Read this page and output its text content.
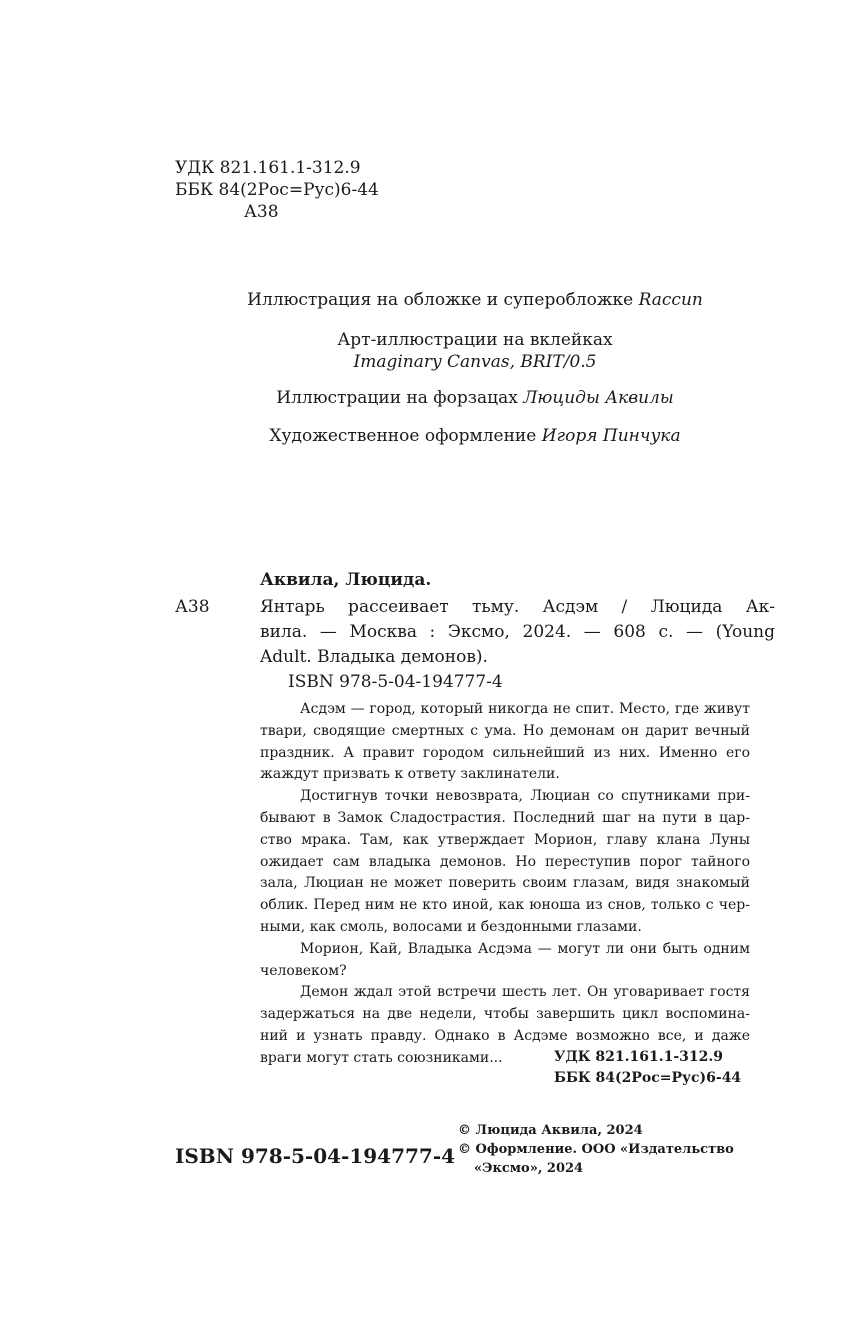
УДК 821.161.1-312.9
ББК 84(2Рос=Рус)6-44
А38
Иллюстрация на обложке и суперобложке Raccun
Арт-иллюстрации на вклейках
Imaginary Canvas, BRIT/0.5
Иллюстрации на форзацах Люциды Аквилы
Художественное оформление Игоря Пинчука
Аквила, Люцида.
А38	Янтарь рассеивает тьму. Асдэм / Люцида Ак-
вила. — Москва : Эксмо, 2024. — 608 с. — (Young
Adult. Владыка демонов).
ISBN 978-5-04-194777-4
Асдэм — город, который никогда не спит. Место, где живут
твари, сводящие смертных с ума. Но демонам он дарит вечный
праздник. А правит городом сильнейший из них. Именно его
жаждут призвать к ответу заклинатели.
Достигнув точки невозврата, Люциан со спутниками при-
бывают в Замок Сладострастия. Последний шаг на пути в цар-
ство мрака. Там, как утверждает Морион, главу клана Луны
ожидает сам владыка демонов. Но переступив порог тайного
зала, Люциан не может поверить своим глазам, видя знакомый
облик. Перед ним не кто иной, как юноша из снов, только с чер-
ными, как смоль, волосами и бездонными глазами.
Морион, Кай, Владыка Асдэма — могут ли они быть одним
человеком?
Демон ждал этой встречи шесть лет. Он уговаривает гостя
задержаться на две недели, чтобы завершить цикл воспомина-
ний и узнать правду. Однако в Асдэме возможно все, и даже
враги могут стать союзниками...	УДК 821.161.1-312.9
ББК 84(2Рос=Рус)6-44
ISBN 978-5-04-194777-4
© Люцида Аквила, 2024
© Оформление. ООО «Издательство
«Эксмо», 2024
